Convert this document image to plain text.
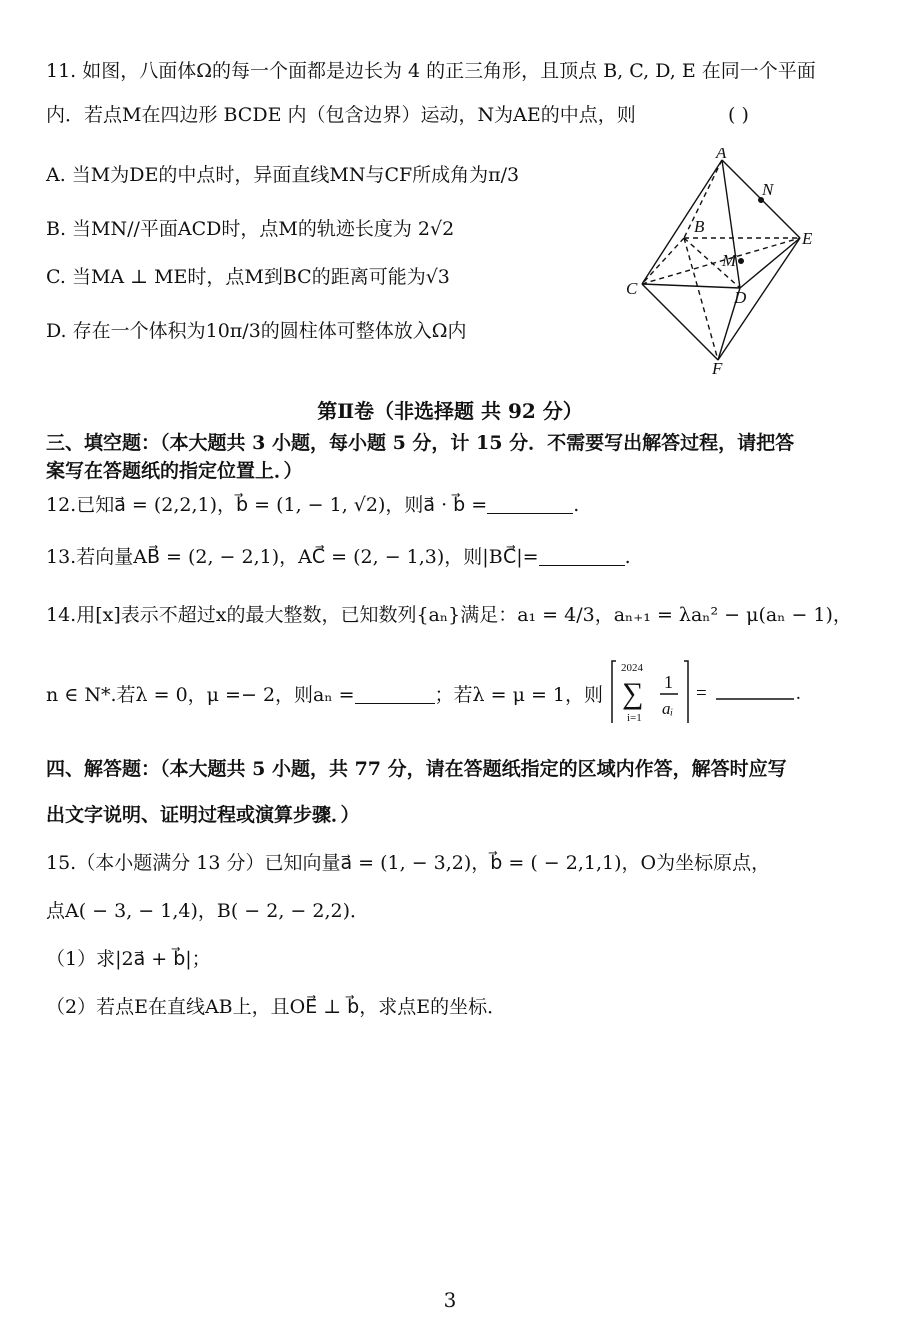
11. 如图，八面体Ω的每一个面都是边长为 4 的正三角形，且顶点 B, C, D, E 在同一个平面
内．若点M在四边形 BCDE 内（包含边界）运动，N为AE的中点，则	( )
A. 当M为DE的中点时，异面直线MN与CF所成角为π/3
B. 当MN//平面ACD时，点M的轨迹长度为 2√2
C. 当MA ⊥ ME时，点M到BC的距离可能为√3
D. 存在一个体积为10π/3的圆柱体可整体放入Ω内
A
N
B
E
M
C	D
F
第Ⅱ卷（非选择题 共 92 分）
三、填空题：（本大题共 3 小题，每小题 5 分，计 15 分．不需要写出解答过程，请把答
案写在答题纸的指定位置上．）
12.已知a⃗ = (2,2,1)，b⃗ = (1, − 1, √2)，则a⃗ · b⃗ =	.
13.若向量AB⃗ = (2, − 2,1)，AC⃗ = (2, − 1,3)，则|BC⃗|=	.
14.用[x]表示不超过x的最大整数，已知数列{aₙ}满足：a₁ = 4/3，aₙ₊₁ = λaₙ² − μ(aₙ − 1)，
n ∈ N*.若λ = 0，μ =− 2，则aₙ =	；若λ = μ = 1，则
2024
∑
i=1
1
aᵢ
=	.
四、解答题：（本大题共 5 小题，共 77 分，请在答题纸指定的区域内作答，解答时应写
出文字说明、证明过程或演算步骤．）
15.（本小题满分 13 分）已知向量a⃗ = (1, − 3,2)，b⃗ = ( − 2,1,1)，O为坐标原点，
点A( − 3, − 1,4)，B( − 2, − 2,2)．
（1）求|2a⃗ + b⃗|；
（2）若点E在直线AB上，且OE⃗ ⊥ b⃗，求点E的坐标．
3
